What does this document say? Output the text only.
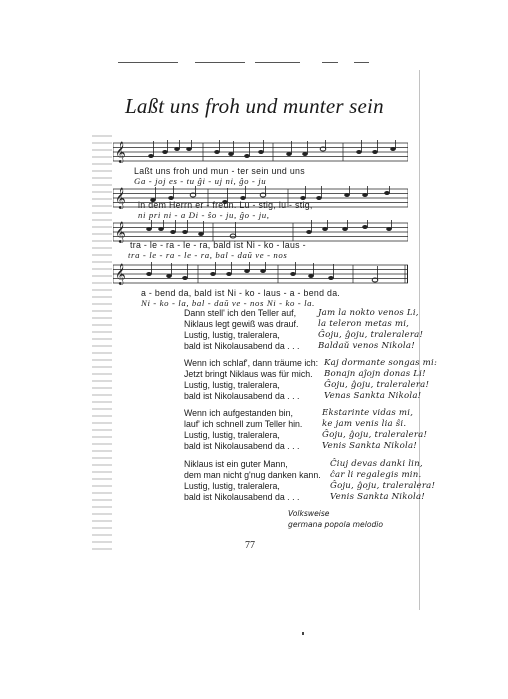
Laßt uns froh und munter sein
𝄞
Laßt uns froh und mun - ter sein und uns
Ga - joj es - tu ĝi - uj ni, ĝo - ju
𝄞 in dem Herrn er - freun. Lu - stig, lu - stig,
ni pri ni - a Di - ŝo - ju, ĝo - ju,
𝄞
tra - le - ra - le - ra, bald ist Ni - ko - laus -
tra - le - ra - le - ra, bal - daŭ ve - nos
𝄞
a - bend da, bald ist Ni - ko - laus - a - bend da.
Ni - ko - la, bal - daŭ ve - nos Ni - ko - la.
Dann stell' ich den Teller auf,
Niklaus legt gewiß was drauf.
Lustig, lustig, traleralera,
bald ist Nikolausabend da . . .
Jam la nokto venos Li,
la teleron metas mi,
Ĝoju, ĝoju, traleralera!
Baldaŭ venos Nikola!
Wenn ich schlaf', dann träume ich:
Jetzt bringt Niklaus was für mich.
Lustig, lustig, traleralera,
bald ist Nikolausabend da . . .
Kaj dormante songas mi:
Bonajn aĵojn donas Li!
Ĝoju, ĝoju, traleralera!
Venas Sankta Nikola!
Wenn ich aufgestanden bin,
lauf' ich schnell zum Teller hin.
Lustig, lustig, traleralera,
bald ist Nikolausabend da . . .
Ekstarinte vidas mi,
ke jam venis lia ŝi.
Ĝoju, ĝoju, traleralera!
Venis Sankta Nikola!
Niklaus ist ein guter Mann,
dem man nicht g'nug danken kann.
Lustig, lustig, traleralera,
bald ist Nikolausabend da . . .
Ĉiuj devas danki lin,
ĉar li regalegis min.
Ĝoju, ĝoju, traleralera!
Venis Sankta Nikola!
Volksweise
germana popola melodio
77
